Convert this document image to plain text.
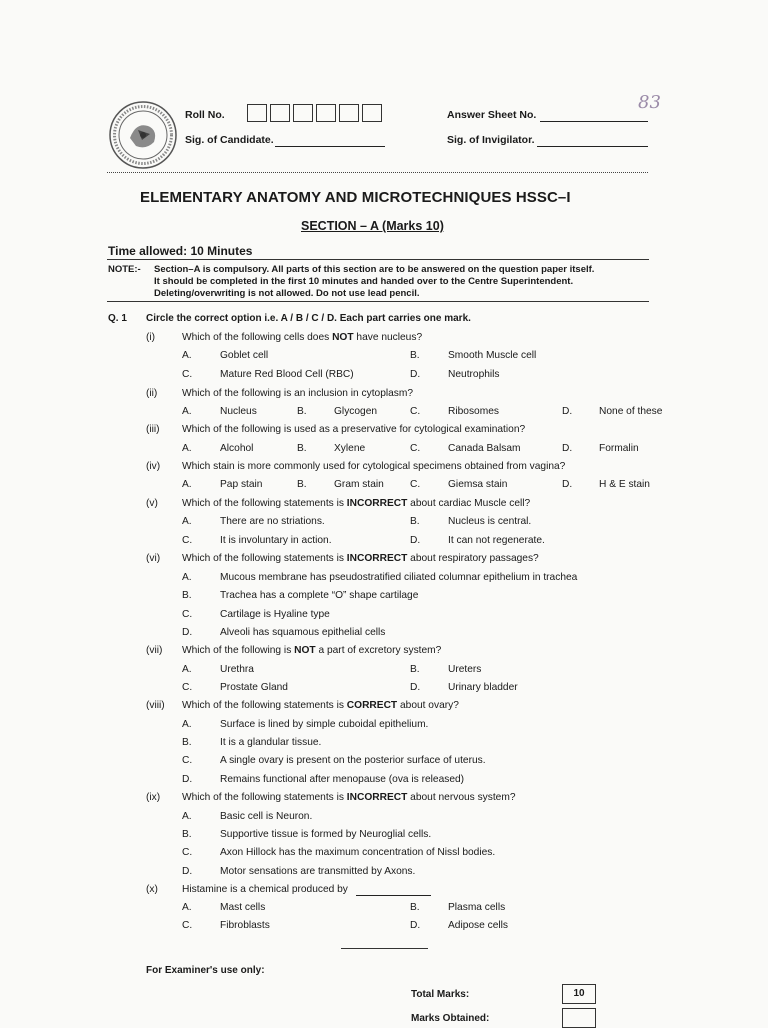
83
Roll No.
Sig. of Candidate.
Answer Sheet No.
Sig. of Invigilator.
ELEMENTARY ANATOMY AND MICROTECHNIQUES HSSC–I
SECTION – A (Marks 10)
Time allowed: 10 Minutes
NOTE:- Section–A is compulsory. All parts of this section are to be answered on the question paper itself.
It should be completed in the first 10 minutes and handed over to the Centre Superintendent.
Deleting/overwriting is not allowed. Do not use lead pencil.
Q. 1 Circle the correct option i.e. A / B / C / D. Each part carries one mark.
(i)	Which of the following cells does NOT have nucleus?
A.	Goblet cell	B.	Smooth Muscle cell
C.	Mature Red Blood Cell (RBC)	D.	Neutrophils
(ii) Which of the following is an inclusion in cytoplasm?
A.	Nucleus	B.	Glycogen	C.	Ribosomes	D.	None of these
(iii) Which of the following is used as a preservative for cytological examination?
A.	Alcohol	B.	Xylene	C.	Canada Balsam	D.	Formalin
(iv) Which stain is more commonly used for cytological specimens obtained from vagina?
A.	Pap stain	B.	Gram stain	C.	Giemsa stain	D.	H & E stain
(v) Which of the following statements is INCORRECT about cardiac Muscle cell?
A.	There are no striations.	B.	Nucleus is central.
C.	It is involuntary in action.	D.	It can not regenerate.
(vi) Which of the following statements is INCORRECT about respiratory passages?
A.	Mucous membrane has pseudostratified ciliated columnar epithelium in trachea
B.	Trachea has a complete “O” shape cartilage
C.	Cartilage is Hyaline type
D.	Alveoli has squamous epithelial cells
(vii) Which of the following is NOT a part of excretory system?
A.	Urethra	B.	Ureters
C.	Prostate Gland	D.	Urinary bladder
(viii) Which of the following statements is CORRECT about ovary?
A.	Surface is lined by simple cuboidal epithelium.
B.	It is a glandular tissue.
C.	A single ovary is present on the posterior surface of uterus.
D.	Remains functional after menopause (ova is released)
(ix) Which of the following statements is INCORRECT about nervous system?
A.	Basic cell is Neuron.
B.	Supportive tissue is formed by Neuroglial cells.
C.	Axon Hillock has the maximum concentration of Nissl bodies.
D.	Motor sensations are transmitted by Axons.
(x) Histamine is a chemical produced by
A.	Mast cells	B.	Plasma cells
C.	Fibroblasts	D.	Adipose cells
For Examiner's use only:
Total Marks:	10
Marks Obtained:
